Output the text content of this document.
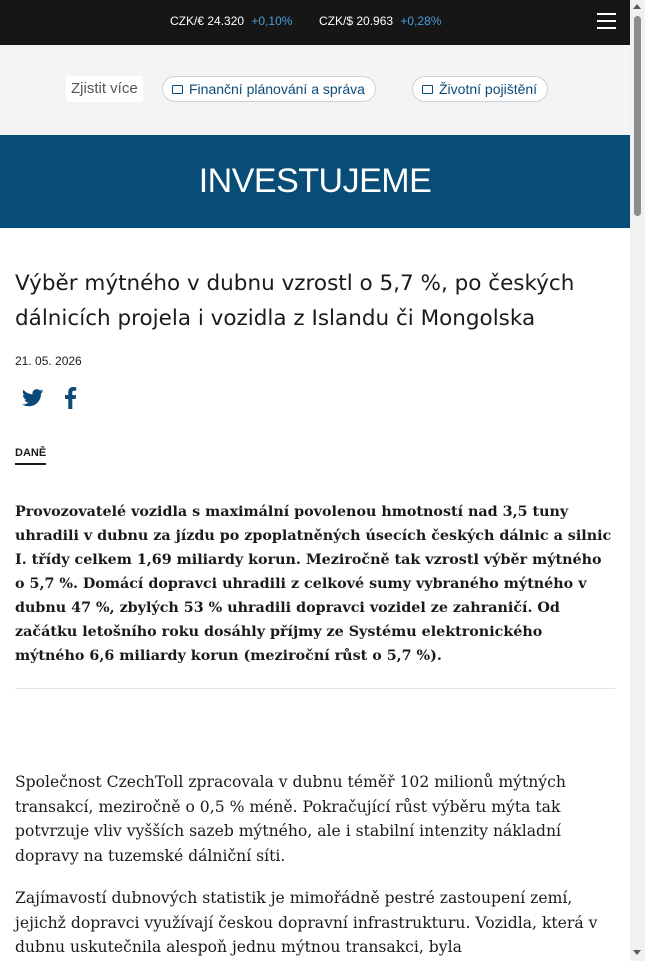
CZK/€ 24.320 +0,10% CZK/$ 20.963 +0,28%
Zjistit více	Finanční plánování a správa	Životní pojištění
INVESTUJEME
Výběr mýtného v dubnu vzrostl o 5,7 %, po českých dálnicích projela i vozidla z Islandu či Mongolska
21. 05. 2026
DANĚ

Provozovatelé vozidla s maximální povolenou hmotností nad 3,5 tuny uhradili v dubnu za jízdu po zpoplatněných úsecích českých dálnic a silnic I. třídy celkem 1,69 miliardy korun. Meziročně tak vzrostl výběr mýtného o 5,7 %. Domácí dopravci uhradili z celkové sumy vybraného mýtného v dubnu 47 %, zbylých 53 % uhradili dopravci vozidel ze zahraničí. Od začátku letošního roku dosáhly příjmy ze Systému elektronického mýtného 6,6 miliardy korun (meziroční růst o 5,7 %).

Společnost CzechToll zpracovala v dubnu téměř 102 milionů mýtných transakcí, meziročně o 0,5 % méně. Pokračující růst výběru mýta tak potvrzuje vliv vyšších sazeb mýtného, ale i stabilní intenzity nákladní dopravy na tuzemské dálniční síti.

Zajímavostí dubnových statistik je mimořádně pestré zastoupení zemí, jejichž dopravci využívají českou dopravní infrastrukturu. Vozidla, která v dubnu uskutečnila alespoň jednu mýtnou transakci, byla
